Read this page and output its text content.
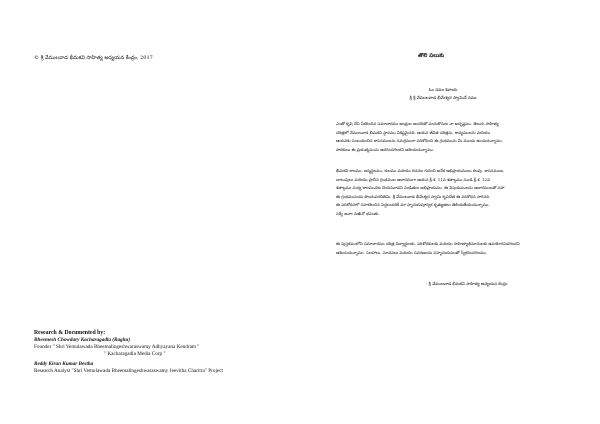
© శ్రీ వేములవాడ భీమకవి సాహిత్య అధ్యయన కేంద్రం, 2017
Research & Documented by:
Bheemesh Chowdary Kacharagadla (Raghu)
Founder " Shri Vemulawada Bheemalingeshwaraswamy Adhyayana Kendram "
" Kacharagadla Media Corp "
Reddy Kiran Kumar Bestha
Research Analyst "Shri Vemulawada Bheemalingeshwaraswamy Jeevitha Charitra" Project
తొలి పలుకు
ఓం నమః శివాయ
శ్రీ శ్రీ వేములవాడ భీమేశ్వర స్వామినే నమః
ఎంతో కృషి చేసి సేకరించిన సమాచారము ఆంధ్రుల అందరితో పంచుకొనుట నా అదృష్టము. తెలుగు సాహిత్య
చరిత్రలో వేములవాడ భీమకవి స్థానము విశిష్టమైనది. ఆయన జీవిత చరిత్రను, కావ్యములను మరియు
ఆయనకు సంబంధించిన శాసనములను సమగ్రముగా పరిశోధించి ఈ గ్రంథమును మీ ముందు ఉంచుచున్నాము.
పాఠకులు ఈ ప్రయత్నమును ఆదరించగలరని ఆశించుచున్నాము.
భీమకవి కాలము, జన్మస్థలము, కులము మరియు రచనల గురించి అనేక అభిప్రాయములు కలవు. శాసనములు,
చాటువులు మరియు ప్రాచీన గ్రంథముల ఆధారముగా ఆయన క్రీ.శ. 11వ శతాబ్దము నుండి క్రీ.శ. 12వ
శతాబ్దము మధ్య కాలమునకు చెందినవాడని పండితుల అభిప్రాయము. ఈ విషయములను ఆధారములతో సహా
ఈ గ్రంథమునందు పొందుపరచితిమి. శ్రీ వేములవాడ భీమేశ్వర స్వామి కృపచేత ఈ పరిశోధన సాగినది.
ఈ పరిశోధనలో సహకరించిన పెద్దలందరికీ మా హృదయపూర్వక కృతజ్ఞతలు తెలియజేయుచున్నాము.
సర్వే జనాః సుఖినో భవంతు.
ఈ పుస్తకములోని సమాచారము చరిత్ర విద్యార్థులకు, పరిశోధకులకు మరియు సాహిత్యాభిమానులకు ఉపయోగపడగలదని
ఆశించుచున్నాము. సలహాలు, సూచనలు మరియు సవరణలను సహృదయముతో స్వీకరించగలము.
- శ్రీ వేములవాడ భీమకవి సాహిత్య అధ్యయన కేంద్రం
